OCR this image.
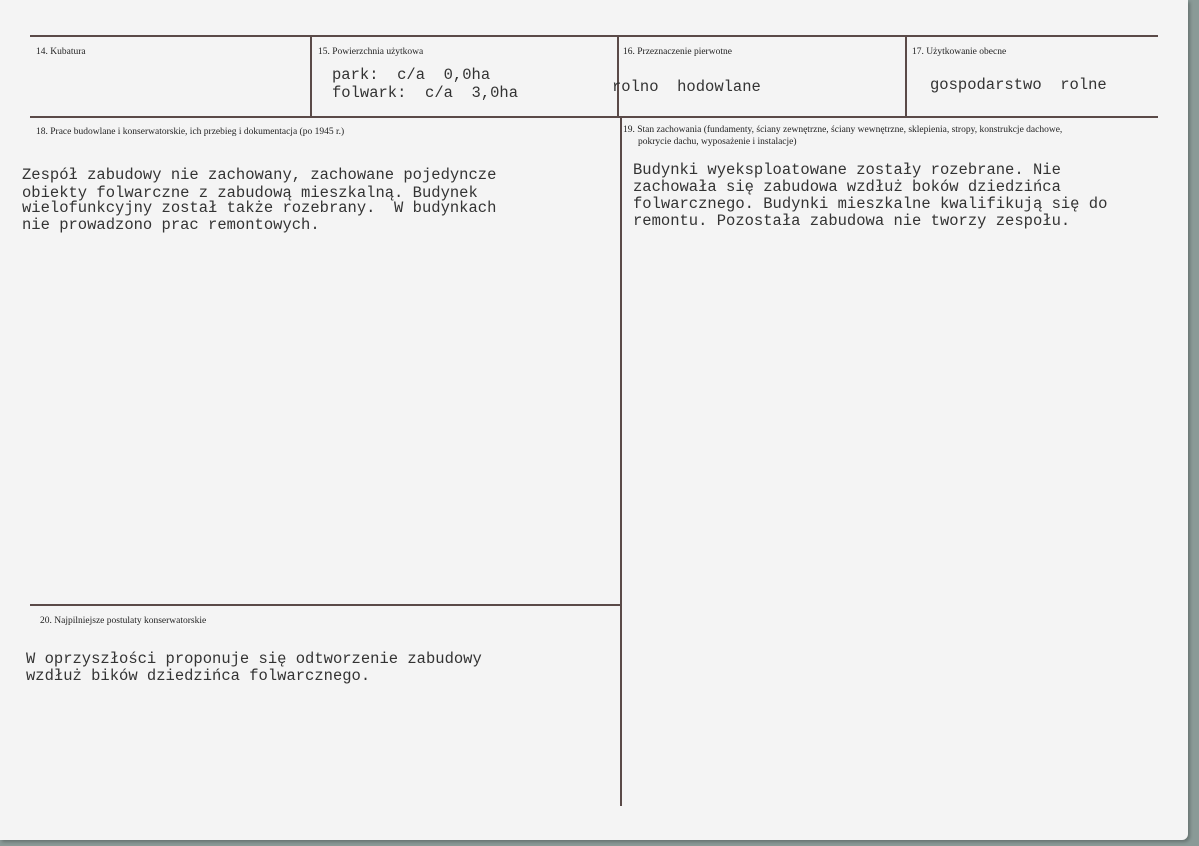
14. Kubatura	15. Powierzchnia użytkowa
park:  c/a  0,0ha
folwark:  c/a  3,0ha
16. Przeznaczenie pierwotne
rolno  hodowlane
17. Użytkowanie obecne
gospodarstwo  rolne
18. Prace budowlane i konserwatorskie, ich przebieg i dokumentacja (po 1945 r.)
Zespół zabudowy nie zachowany, zachowane pojedyncze
obiekty folwarczne z zabudową mieszkalną. Budynek
wielofunkcyjny został także rozebrany.  W budynkach
nie prowadzono prac remontowych.
19. Stan zachowania (fundamenty, ściany zewnętrzne, ściany wewnętrzne, sklepienia, stropy, konstrukcje dachowe,
pokrycie dachu, wyposażenie i instalacje)
Budynki wyeksploatowane zostały rozebrane. Nie
zachowała się zabudowa wzdłuż boków dziedzińca
folwarcznego. Budynki mieszkalne kwalifikują się do
remontu. Pozostała zabudowa nie tworzy zespołu.
20. Najpilniejsze postulaty konserwatorskie
W oprzyszłości proponuje się odtworzenie zabudowy
wzdłuż bików dziedzińca folwarcznego.
